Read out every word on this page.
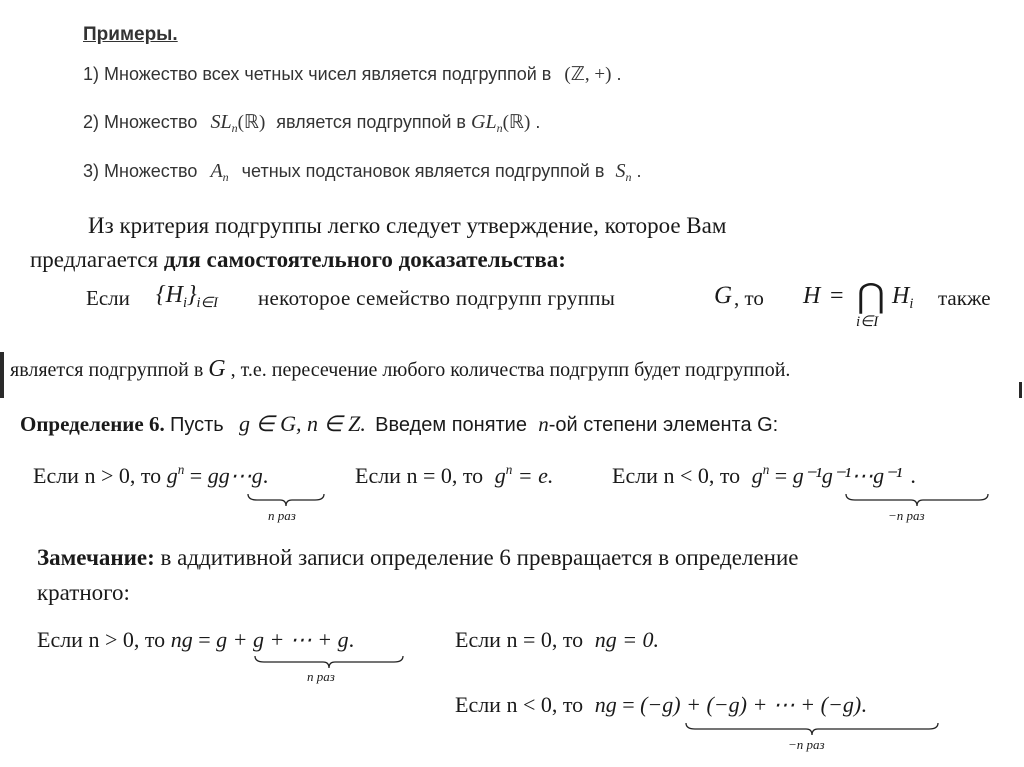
Примеры.
1) Множество всех четных чисел является подгруппой в (ℤ, +) .
2) Множество $SL_n(ℝ)$ является подгруппой в $GL_n(ℝ)$ .
3) Множество $A_n$ четных подстановок является подгруппой в $S_n$ .
Из критерия подгруппы легко следует утверждение, которое Вам
предлагается для самостоятельного доказательства:
Если $\{H_i\}_{i\in I}$ некоторое семейство подгрупп группы	G , то H = ⋂
i∈I
$H_i$ также
является подгруппой в G , т.е. пересечение любого количества подгрупп будет подгруппой.
Определение 6. Пусть g ∈ G, n ∈ Z. Введем понятие n-ой степени элемента G:
Если n > 0, то $g^n$ = gg⋯g.
n раз
Если n = 0, то $g^n = e$.	Если n < 0, то $g^n$ = g⁻¹g⁻¹⋯g⁻¹ .
−n раз
Замечание: в аддитивной записи определение 6 превращается в определение
кратного:
Если n > 0, то ng = g + g + ⋯ + g.
n раз
Если n = 0, то ng = 0.
Если n < 0, то ng = (−g) + (−g) + ⋯ + (−g).
−n раз
